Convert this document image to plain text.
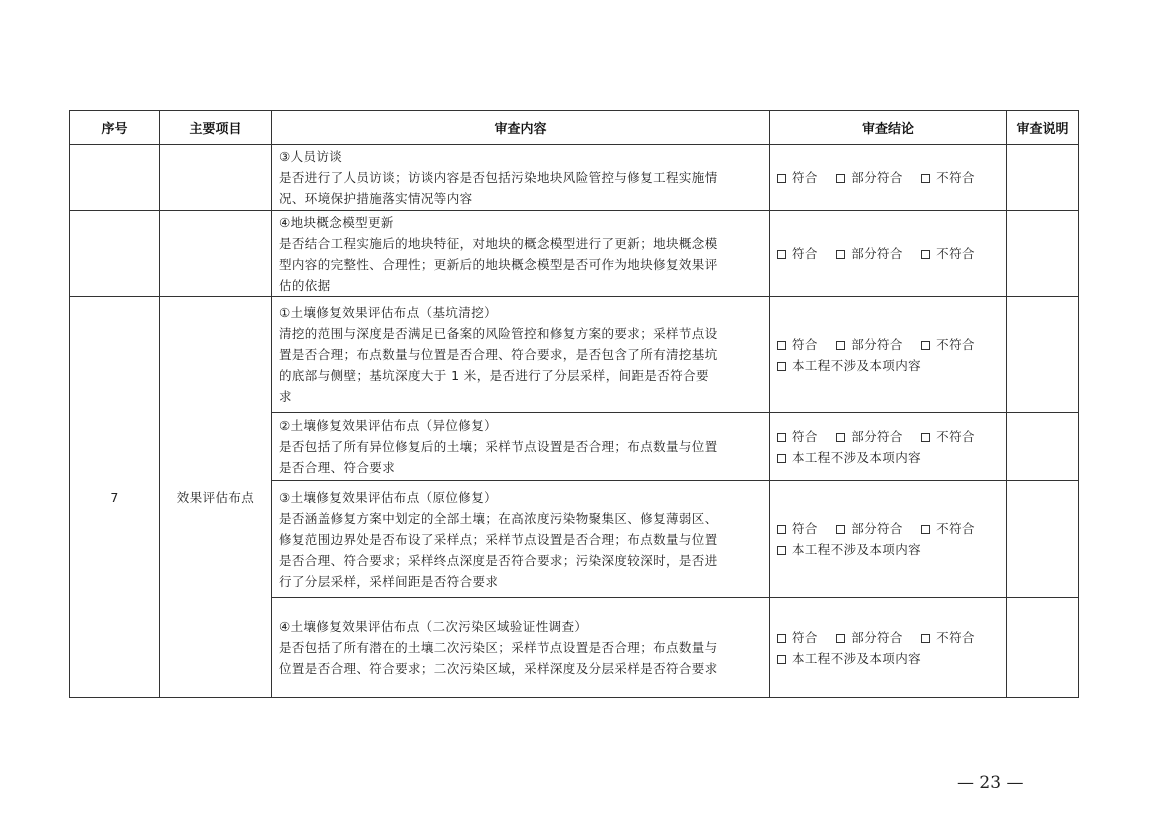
序号	主要项目	审查内容	审查结论	审查说明

		③人员访谈
是否进行了人员访谈；访谈内容是否包括污染地块风险管控与修复工程实施情
况、环境保护措施落实情况等内容	符合 部分符合 不符合	

		④地块概念模型更新
是否结合工程实施后的地块特征，对地块的概念模型进行了更新；地块概念模
型内容的完整性、合理性；更新后的地块概念模型是否可作为地块修复效果评
估的依据	符合 部分符合 不符合	

7	效果评估布点	①土壤修复效果评估布点（基坑清挖）
清挖的范围与深度是否满足已备案的风险管控和修复方案的要求；采样节点设
置是否合理；布点数量与位置是否合理、符合要求，是否包含了所有清挖基坑
的底部与侧壁；基坑深度大于 1 米，是否进行了分层采样，间距是否符合要
求	符合 部分符合 不符合
本工程不涉及本项内容	

		②土壤修复效果评估布点（异位修复）
是否包括了所有异位修复后的土壤；采样节点设置是否合理；布点数量与位置
是否合理、符合要求	符合 部分符合 不符合
本工程不涉及本项内容	

		③土壤修复效果评估布点（原位修复）
是否涵盖修复方案中划定的全部土壤；在高浓度污染物聚集区、修复薄弱区、
修复范围边界处是否布设了采样点；采样节点设置是否合理；布点数量与位置
是否合理、符合要求；采样终点深度是否符合要求；污染深度较深时，是否进
行了分层采样，采样间距是否符合要求	符合 部分符合 不符合
本工程不涉及本项内容	

		④土壤修复效果评估布点（二次污染区域验证性调查）
是否包括了所有潜在的土壤二次污染区；采样节点设置是否合理；布点数量与
位置是否合理、符合要求；二次污染区域，采样深度及分层采样是否符合要求	符合 部分符合 不符合
本工程不涉及本项内容	

— 23 —
